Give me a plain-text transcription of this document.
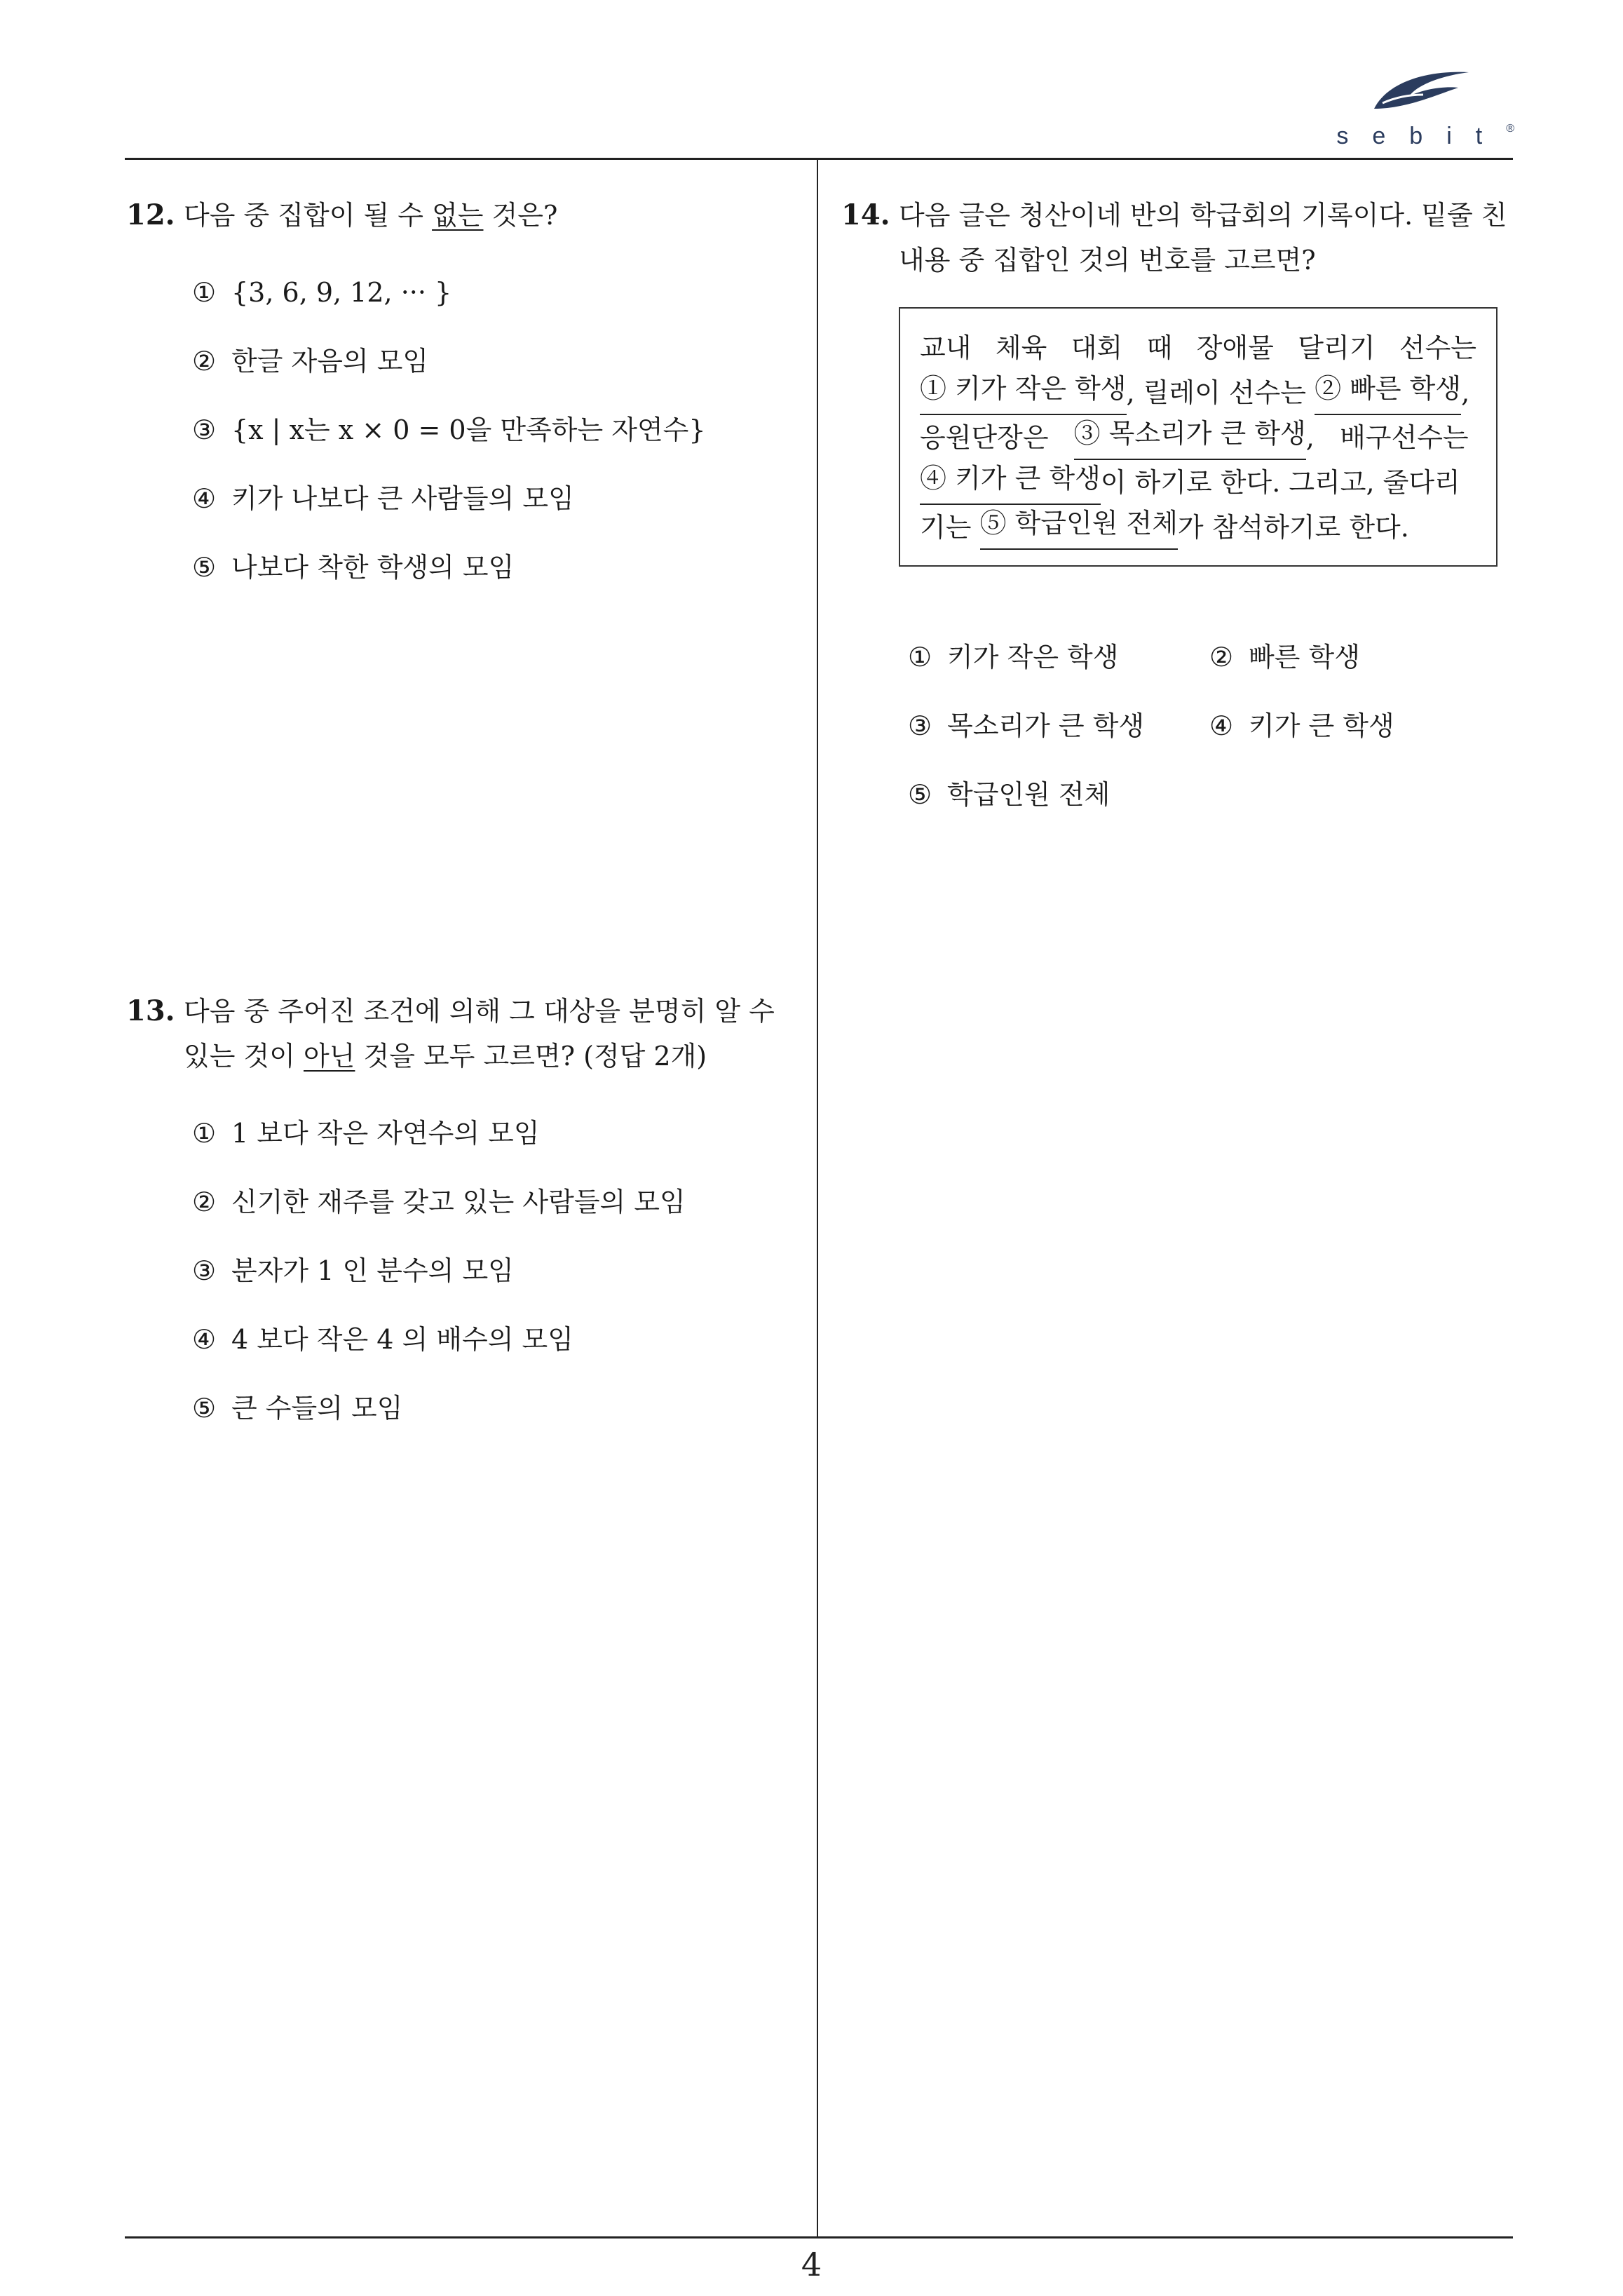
sebit®
12. 다음 중 집합이 될 수 없는 것은?
① {3, 6, 9, 12, ··· }
② 한글 자음의 모임
③ {x | x는 x × 0 = 0을 만족하는 자연수}
④ 키가 나보다 큰 사람들의 모임
⑤ 나보다 착한 학생의 모임
13. 다음 중 주어진 조건에 의해 그 대상을 분명히 알 수
있는 것이 아닌 것을 모두 고르면? (정답 2개)
① 1 보다 작은 자연수의 모임
② 신기한 재주를 갖고 있는 사람들의 모임
③ 분자가 1 인 분수의 모임
④ 4 보다 작은 4 의 배수의 모임
⑤ 큰 수들의 모임
14. 다음 글은 청산이네 반의 학급회의 기록이다. 밑줄 친
내용 중 집합인 것의 번호를 고르면?
교내 체육 대회 때 장애물 달리기 선수는
① 키가 작은 학생 , 릴레이 선수는 ② 빠른 학생 ,
응원단장은 ③ 목소리가 큰 학생 ,   배구선수는
④ 키가 큰 학생 이 하기로 한다. 그리고, 줄다리
기는 ⑤ 학급인원 전체 가 참석하기로 한다.
① 키가 작은 학생	② 빠른 학생
③ 목소리가 큰 학생	④ 키가 큰 학생
⑤ 학급인원 전체
4
